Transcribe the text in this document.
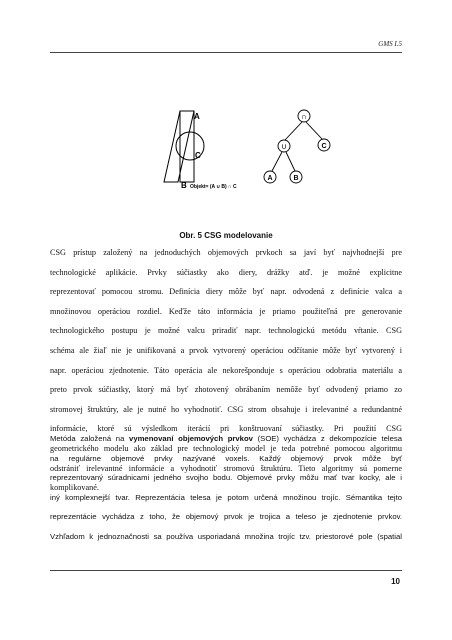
GMS I.5
A
C
B Objekt= (A ∪ B) ∩ C
∩
∪	C
A	B
Obr. 5 CSG modelovanie
CSG prístup založený na jednoduchých objemových prvkoch sa javí byť najvhodnejší pre
technologické aplikácie. Prvky súčiastky ako diery, drážky atď. je možné explicitne
reprezentovať pomocou stromu. Definícia diery môže byť napr. odvodená z definície valca a
množinovou operáciou rozdiel. Keďže táto informácia je priamo použiteľná pre generovanie
technologického postupu je možné valcu priradiť napr. technologickú metódu vŕtanie. CSG
schéma ale žiaľ nie je unifikovaná a prvok vytvorený operáciou odčítanie môže byť vytvorený i
napr. operáciou zjednotenie. Táto operácia ale nekorešponduje s operáciou odobratia materiálu a
preto prvok súčiastky, ktorý má byť zhotovený obrábaním nemôže byť odvodený priamo zo
stromovej štruktúry, ale je nutné ho vyhodnotiť. CSG strom obsahuje i irelevantné a redundantné
informácie, ktoré sú výsledkom iterácií pri konštruovaní súčiastky. Pri použití CSG
geometrického modelu ako základ pre technologický model je teda potrebné pomocou algoritmu
odstrániť irelevantné informácie a vyhodnotiť stromovú štruktúru. Tieto algoritmy sú pomerne
komplikované.
Metóda založená na vymenovaní objemových prvkov (SOE) vychádza z dekompozície telesa
na regulárne objemové prvky nazývané voxels. Každý objemový prvok môže byť
reprezentovaný súradnicami jedného svojho bodu. Objemové prvky môžu mať tvar kocky, ale i
iný komplexnejší tvar. Reprezentácia telesa je potom určená množinou trojíc. Sémantika tejto
reprezentácie vychádza z toho, že objemový prvok je trojica a teleso je zjednotenie prvkov.
Vzhľadom k jednoznačnosti sa používa usporiadaná množina trojíc tzv. priestorové pole (spatial
10
